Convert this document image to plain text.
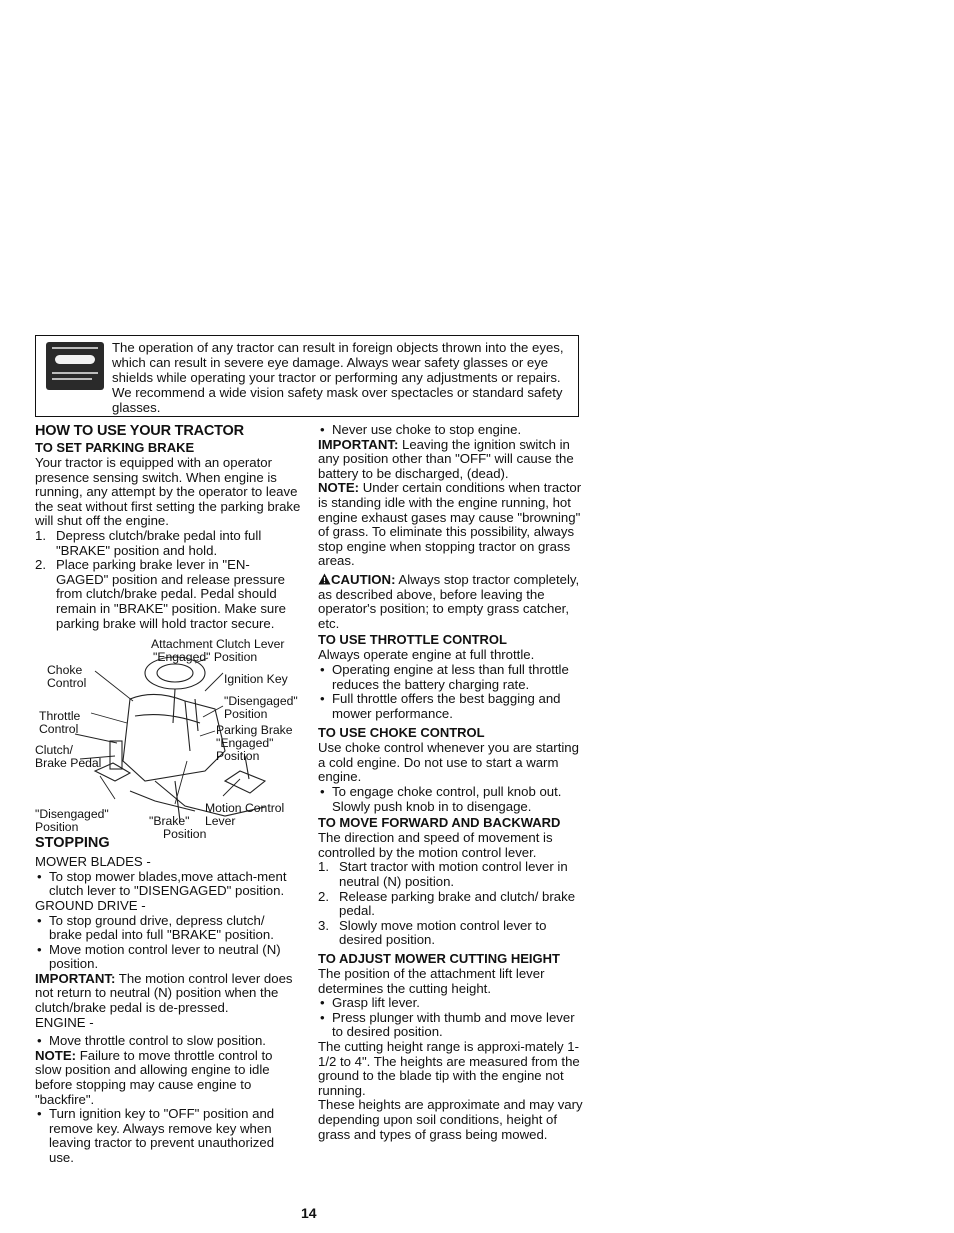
The operation of any tractor can result in foreign objects thrown into the eyes, which can result in severe eye damage. Always wear safety glasses or eye shields while operating your tractor or performing any adjustments or repairs. We recommend a wide vision safety mask over spectacles or standard safety glasses.

HOW TO USE YOUR TRACTOR

TO SET PARKING BRAKE

Your tractor is equipped with an operator presence sensing switch. When engine is running, any attempt by the operator to leave the seat without first setting the parking brake will shut off the engine.

1. Depress clutch/brake pedal into full "BRAKE" position and hold.
2. Place parking brake lever in "EN-GAGED" position and release pressure from clutch/brake pedal. Pedal should remain in "BRAKE" position. Make sure parking brake will hold tractor secure.
Attachment Clutch Lever
"Engaged" Position
Choke
Control	Ignition Key
"Disengaged"
Position
Throttle
Control	Parking Brake
"Engaged"
Position
Clutch/
Brake Pedal
"Disengaged"
Position	"Brake"
Position
Motion Control
Lever

STOPPING

MOWER BLADES -

• To stop mower blades,move attach-ment clutch lever to "DISENGAGED" position.

GROUND DRIVE -

• To stop ground drive, depress clutch/ brake pedal into full "BRAKE" position.
• Move motion control lever to neutral (N) position.

IMPORTANT: The motion control lever does not return to neutral (N) position when the clutch/brake pedal is de-pressed.

ENGINE -

• Move throttle control to slow position.

NOTE: Failure to move throttle control to slow position and allowing engine to idle before stopping may cause engine to "backfire".

• Turn ignition key to "OFF" position and remove key. Always remove key when leaving tractor to prevent unauthorized use.
• Never use choke to stop engine.

IMPORTANT: Leaving the ignition switch in any position other than "OFF" will cause the battery to be discharged, (dead).

NOTE: Under certain conditions when tractor is standing idle with the engine running, hot engine exhaust gases may cause "browning" of grass. To eliminate this possibility, always stop engine when stopping tractor on grass areas.

CAUTION: Always stop tractor completely, as described above, before leaving the operator's position; to empty grass catcher, etc.

TO USE THROTTLE CONTROL

Always operate engine at full throttle.

• Operating engine at less than full throttle reduces the battery charging rate.
• Full throttle offers the best bagging and mower performance.

TO USE CHOKE CONTROL

Use choke control whenever you are starting a cold engine. Do not use to start a warm engine.

• To engage choke control, pull knob out. Slowly push knob in to disengage.

TO MOVE FORWARD AND BACKWARD

The direction and speed of movement is controlled by the motion control lever.

1. Start tractor with motion control lever in neutral (N) position.
2. Release parking brake and clutch/ brake pedal.
3. Slowly move motion control lever to desired position.

TO ADJUST MOWER CUTTING HEIGHT

The position of the attachment lift lever determines the cutting height.

• Grasp lift lever.
• Press plunger with thumb and move lever to desired position.

The cutting height range is approxi-mately 1-1/2 to 4". The heights are measured from the ground to the blade tip with the engine not running.

These heights are approximate and may vary depending upon soil conditions, height of grass and types of grass being mowed.

14
